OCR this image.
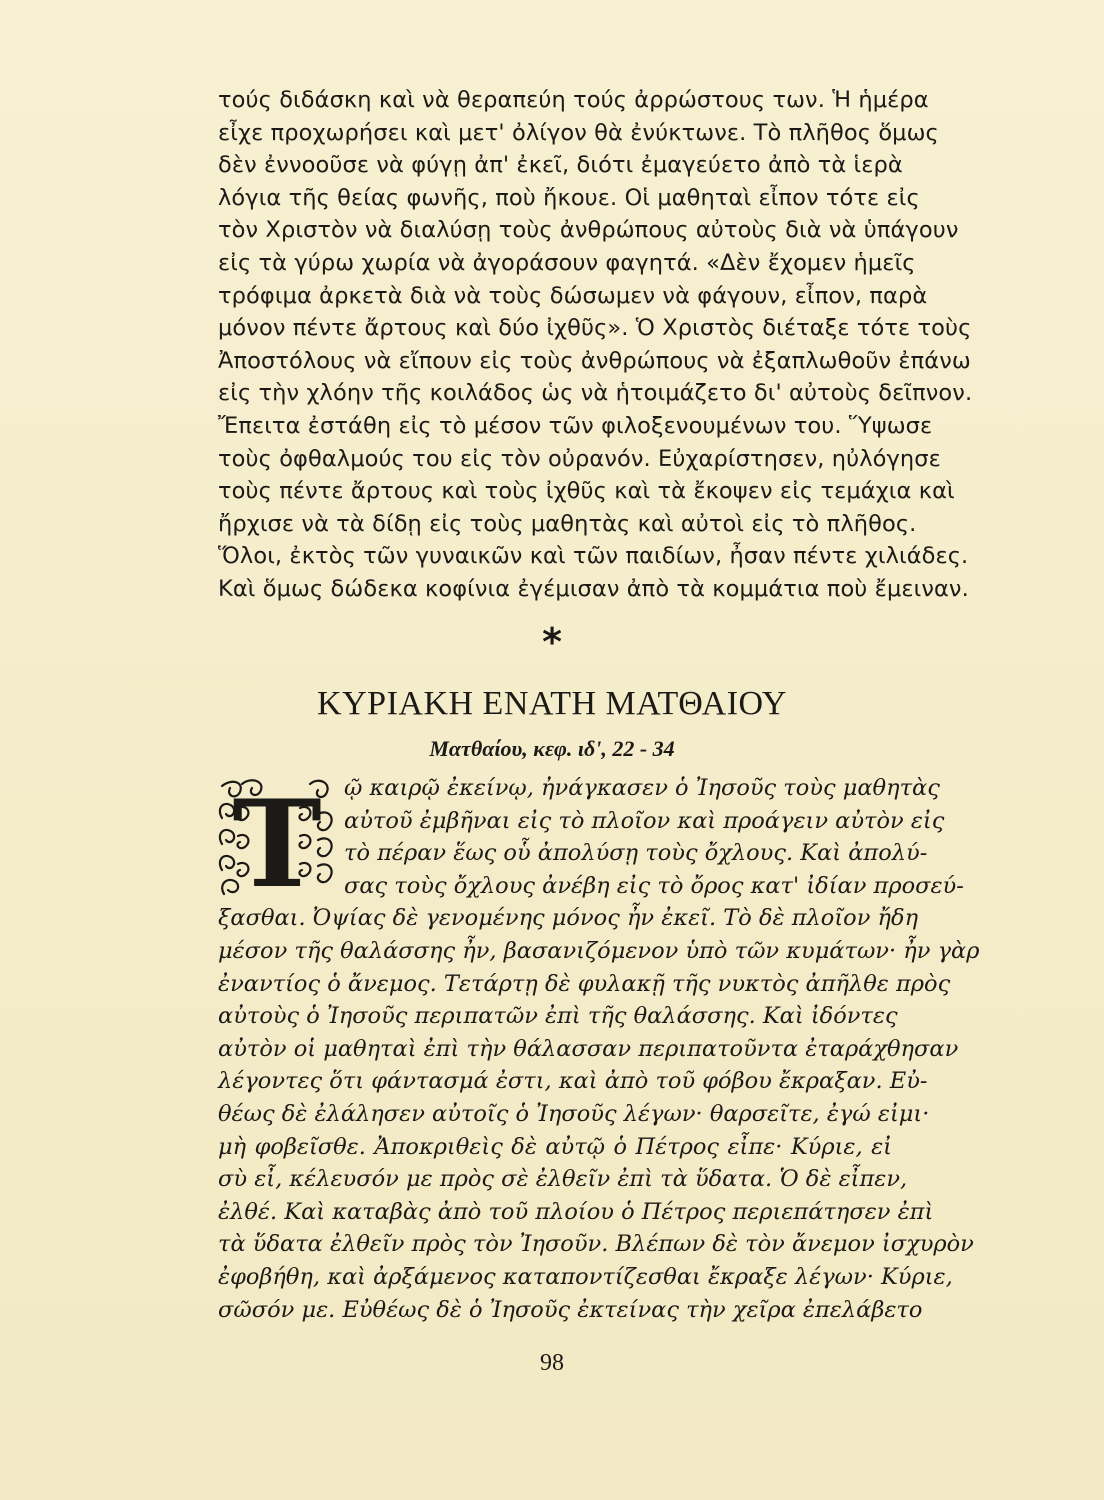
τούς διδάσκη καὶ νὰ θεραπεύη τούς ἀρρώστους των. Ἡ ἡμέρα
εἶχε προχωρήσει καὶ μετ' ὀλίγον θὰ ἐνύκτωνε. Τὸ πλῆθος ὅμως
δὲν ἐννοοῦσε νὰ φύγῃ ἀπ' ἐκεῖ, διότι ἐμαγεύετο ἀπὸ τὰ ἱερὰ
λόγια τῆς θείας φωνῆς, ποὺ ἤκουε. Οἱ μαθηταὶ εἶπον τότε εἰς
τὸν Χριστὸν νὰ διαλύσῃ τοὺς ἀνθρώπους αὐτοὺς διὰ νὰ ὑπάγουν
εἰς τὰ γύρω χωρία νὰ ἀγοράσουν φαγητά. «Δὲν ἔχομεν ἡμεῖς
τρόφιμα ἀρκετὰ διὰ νὰ τοὺς δώσωμεν νὰ φάγουν, εἶπον, παρὰ
μόνον πέντε ἄρτους καὶ δύο ἰχθῦς». Ὁ Χριστὸς διέταξε τότε τοὺς
Ἀποστόλους νὰ εἴπουν εἰς τοὺς ἀνθρώπους νὰ ἐξαπλωθοῦν ἐπάνω
εἰς τὴν χλόην τῆς κοιλάδος ὡς νὰ ἡτοιμάζετο δι' αὐτοὺς δεῖπνον.
Ἔπειτα ἐστάθη εἰς τὸ μέσον τῶν φιλοξενουμένων του. Ὕψωσε
τοὺς ὀφθαλμούς του εἰς τὸν οὐρανόν. Εὐχαρίστησεν, ηὐλόγησε
τοὺς πέντε ἄρτους καὶ τοὺς ἰχθῦς καὶ τὰ ἔκοψεν εἰς τεμάχια καὶ
ἤρχισε νὰ τὰ δίδῃ εἰς τοὺς μαθητὰς καὶ αὐτοὶ εἰς τὸ πλῆθος.
Ὅλοι, ἐκτὸς τῶν γυναικῶν καὶ τῶν παιδίων, ἦσαν πέντε χιλιάδες.
Καὶ ὅμως δώδεκα κοφίνια ἐγέμισαν ἀπὸ τὰ κομμάτια ποὺ ἔμειναν.
*
ΚΥΡΙΑΚΗ ΕΝΑΤΗ ΜΑΤΘΑΙΟΥ
Ματθαίου, κεφ. ιδ', 22 - 34
Τ ῷ καιρῷ ἐκείνῳ, ἠνάγκασεν ὁ Ἰησοῦς τοὺς μαθητὰς
αὐτοῦ ἐμβῆναι εἰς τὸ πλοῖον καὶ προάγειν αὐτὸν εἰς
τὸ πέραν ἕως οὗ ἀπολύσῃ τοὺς ὄχλους. Καὶ ἀπολύ-
σας τοὺς ὄχλους ἀνέβη εἰς τὸ ὄρος κατ' ἰδίαν προσεύ-
ξασθαι. Ὀψίας δὲ γενομένης μόνος ἦν ἐκεῖ. Τὸ δὲ πλοῖον ἤδη
μέσον τῆς θαλάσσης ἦν, βασανιζόμενον ὑπὸ τῶν κυμάτων· ἦν γὰρ
ἐναντίος ὁ ἄνεμος. Τετάρτῃ δὲ φυλακῇ τῆς νυκτὸς ἀπῆλθε πρὸς
αὐτοὺς ὁ Ἰησοῦς περιπατῶν ἐπὶ τῆς θαλάσσης. Καὶ ἰδόντες
αὐτὸν οἱ μαθηταὶ ἐπὶ τὴν θάλασσαν περιπατοῦντα ἐταράχθησαν
λέγοντες ὅτι φάντασμά ἐστι, καὶ ἀπὸ τοῦ φόβου ἔκραξαν. Εὐ-
θέως δὲ ἐλάλησεν αὐτοῖς ὁ Ἰησοῦς λέγων· θαρσεῖτε, ἐγώ εἰμι·
μὴ φοβεῖσθε. Ἀποκριθεὶς δὲ αὐτῷ ὁ Πέτρος εἶπε· Κύριε, εἰ
σὺ εἶ, κέλευσόν με πρὸς σὲ ἐλθεῖν ἐπὶ τὰ ὕδατα. Ὁ δὲ εἶπεν,
ἐλθέ. Καὶ καταβὰς ἀπὸ τοῦ πλοίου ὁ Πέτρος περιεπάτησεν ἐπὶ
τὰ ὕδατα ἐλθεῖν πρὸς τὸν Ἰησοῦν. Βλέπων δὲ τὸν ἄνεμον ἰσχυρὸν
ἐφοβήθη, καὶ ἀρξάμενος καταποντίζεσθαι ἔκραξε λέγων· Κύριε,
σῶσόν με. Εὐθέως δὲ ὁ Ἰησοῦς ἐκτείνας τὴν χεῖρα ἐπελάβετο
98
